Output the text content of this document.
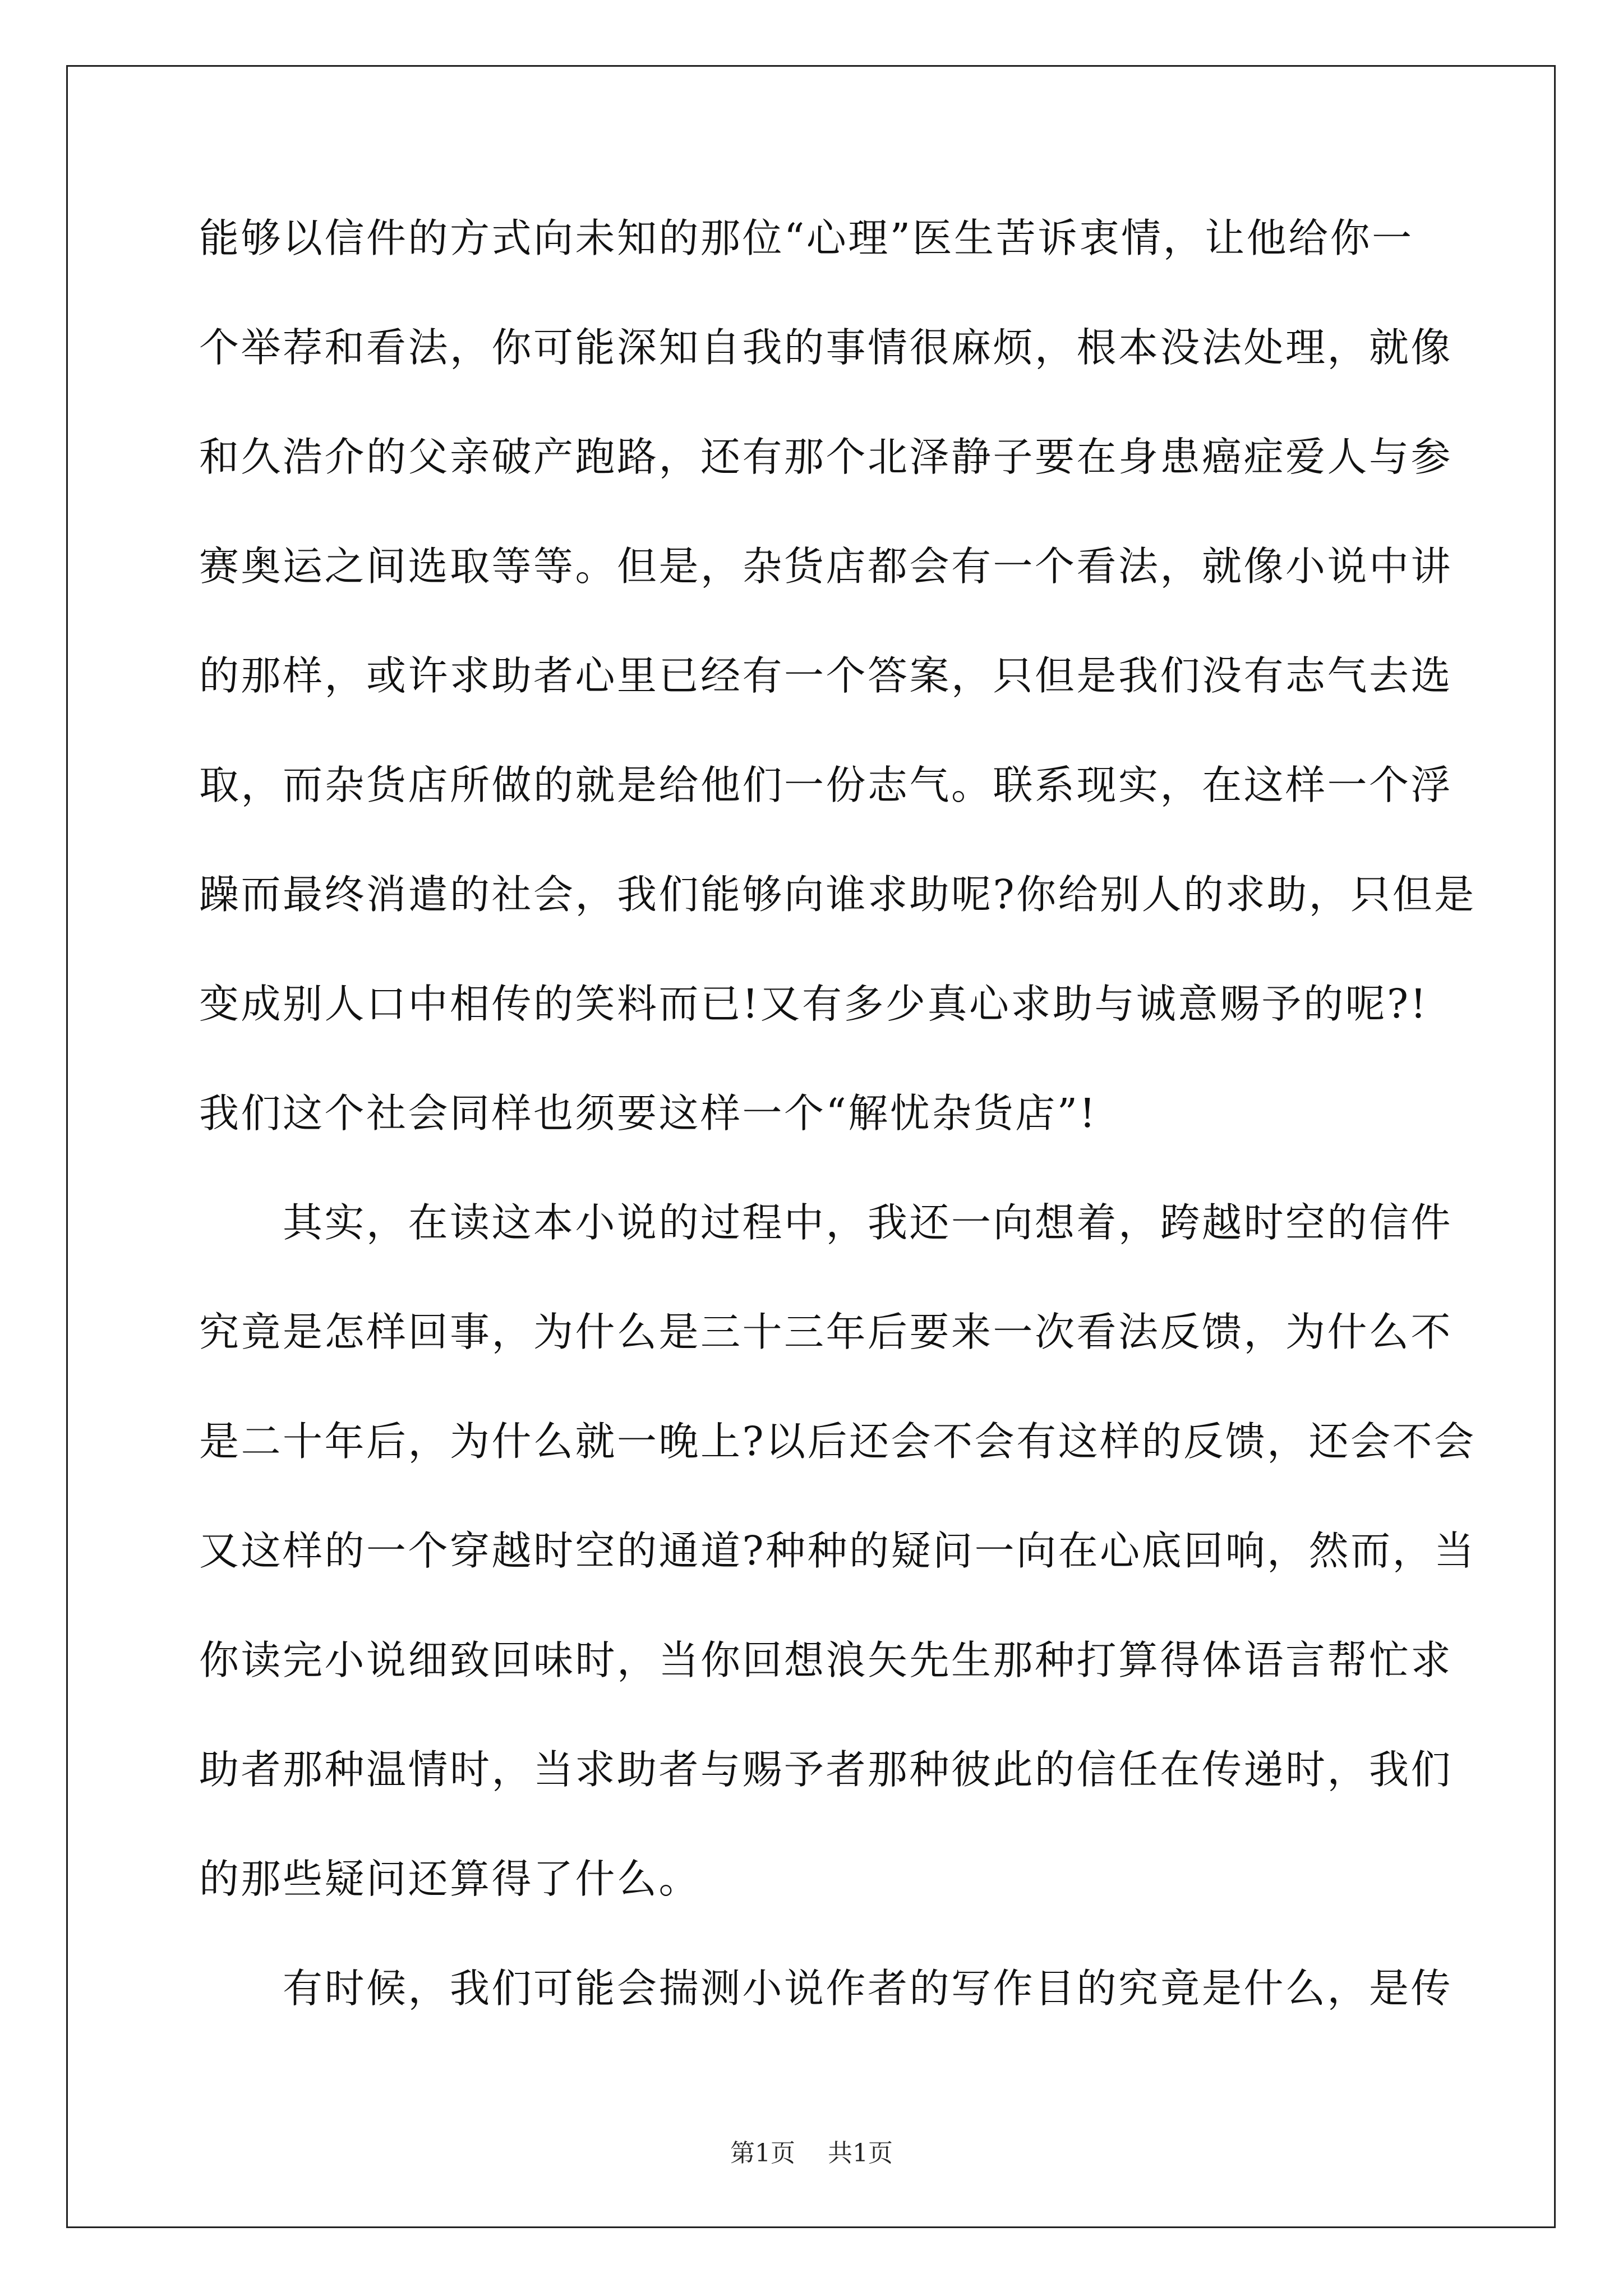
能够以信件的方式向未知的那位“心理”医生苦诉衷情，让他给你一
个举荐和看法，你可能深知自我的事情很麻烦，根本没法处理，就像
和久浩介的父亲破产跑路，还有那个北泽静子要在身患癌症爱人与参
赛奥运之间选取等等。但是，杂货店都会有一个看法，就像小说中讲
的那样，或许求助者心里已经有一个答案，只但是我们没有志气去选
取，而杂货店所做的就是给他们一份志气。联系现实，在这样一个浮
躁而最终消遣的社会，我们能够向谁求助呢?你给别人的求助，只但是
变成别人口中相传的笑料而已!又有多少真心求助与诚意赐予的呢?!
我们这个社会同样也须要这样一个“解忧杂货店”!
　　其实，在读这本小说的过程中，我还一向想着，跨越时空的信件
究竟是怎样回事，为什么是三十三年后要来一次看法反馈，为什么不
是二十年后，为什么就一晚上?以后还会不会有这样的反馈，还会不会
又这样的一个穿越时空的通道?种种的疑问一向在心底回响，然而，当
你读完小说细致回味时，当你回想浪矢先生那种打算得体语言帮忙求
助者那种温情时，当求助者与赐予者那种彼此的信任在传递时，我们
的那些疑问还算得了什么。
　　有时候，我们可能会揣测小说作者的写作目的究竟是什么，是传
第1页 共1页
